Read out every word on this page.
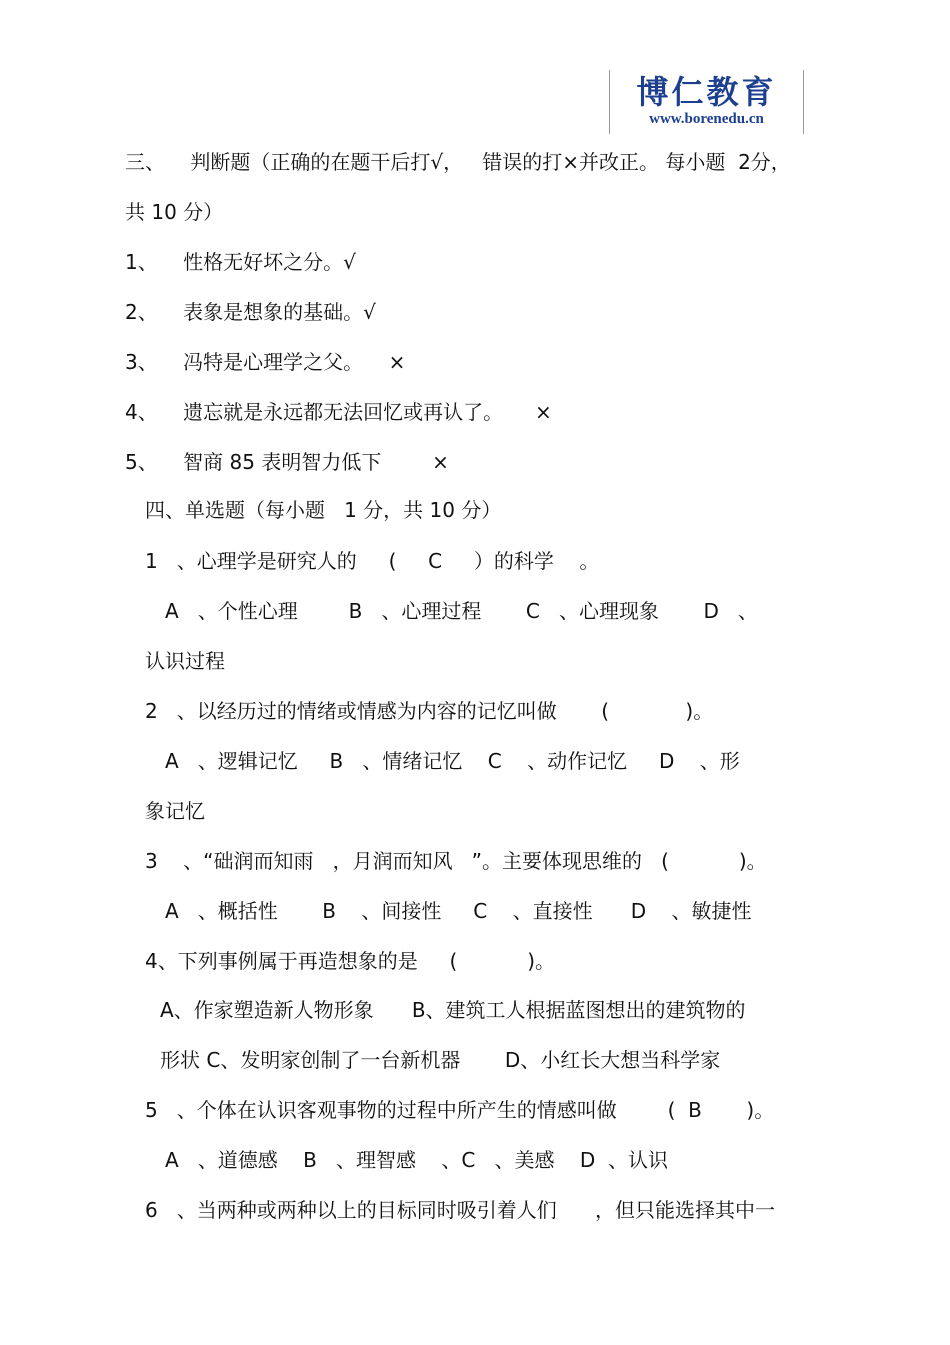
博仁教育
www.borenedu.cn
三、    判断题（正确的在题干后打√，   错误的打×并改正。 每小题  2分，
共 10 分）
1、    性格无好坏之分。√
2、    表象是想象的基础。√
3、    冯特是心理学之父。    ×
4、    遗忘就是永远都无法回忆或再认了。     ×
5、    智商 85 表明智力低下        ×
四、单选题（每小题   1 分，共 10 分）
1   、心理学是研究人的     (     C     ）的科学    。
A   、个性心理        B   、心理过程       C   、心理现象       D   、
认识过程
2   、以经历过的情绪或情感为内容的记忆叫做       (            )。
A   、逻辑记忆     B   、情绪记忆    C    、动作记忆     D    、形
象记忆
3    、“础润而知雨   ，月润而知风   ”。主要体现思维的   (           )。
A   、概括性       B    、间接性     C    、直接性      D    、敏捷性
4、下列事例属于再造想象的是     (           )。
A、作家塑造新人物形象      B、建筑工人根据蓝图想出的建筑物的
形状 C、发明家创制了一台新机器       D、小红长大想当科学家
5   、个体在认识客观事物的过程中所产生的情感叫做        (  B       )。
A   、道德感    B   、理智感    、C   、美感    D  、认识
6   、当两种或两种以上的目标同时吸引着人们      ，但只能选择其中一
